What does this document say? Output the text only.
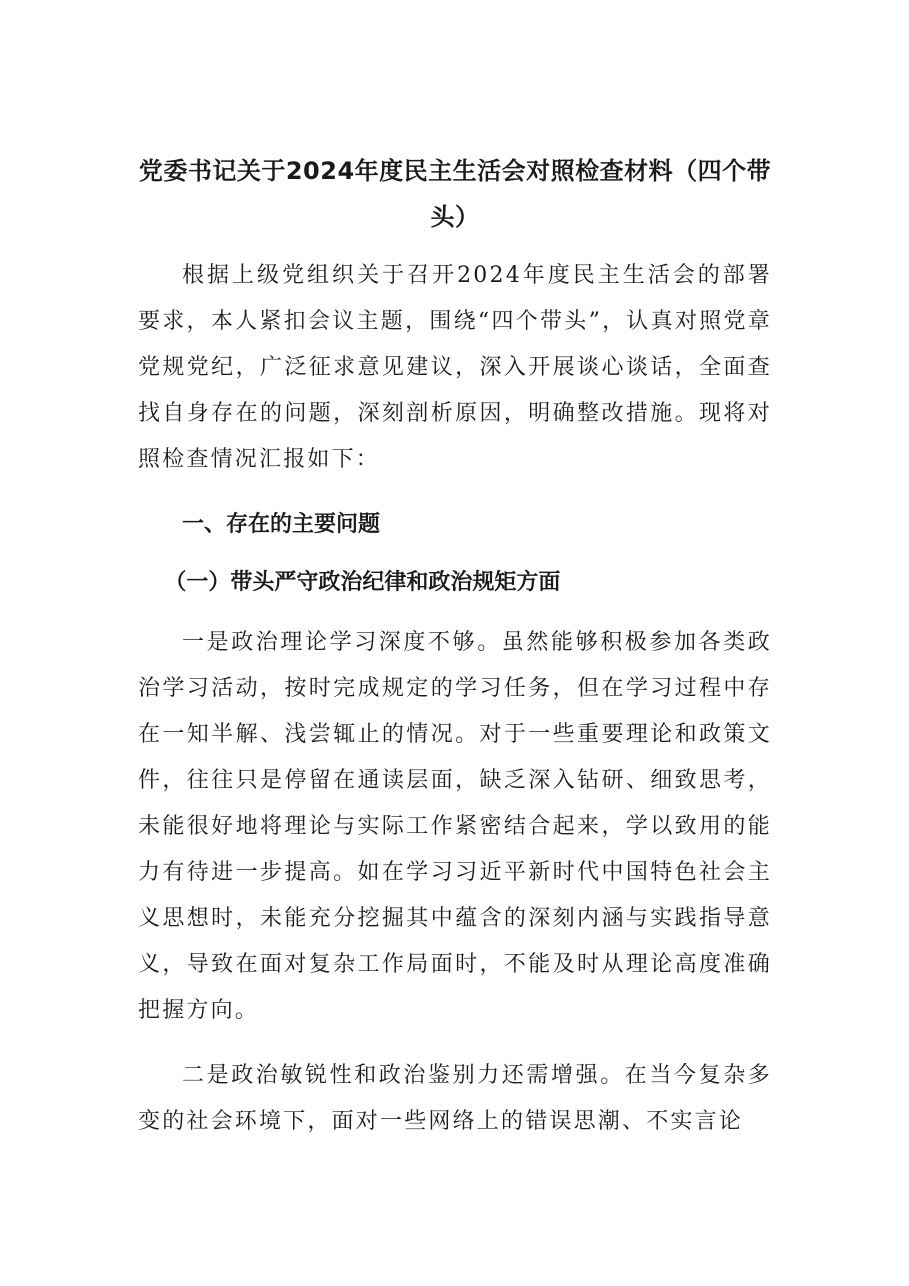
党委书记关于2024年度民主生活会对照检查材料（四个带头）

根据上级党组织关于召开2024年度民主生活会的部署要求，本人紧扣会议主题，围绕“四个带头”，认真对照党章党规党纪，广泛征求意见建议，深入开展谈心谈话，全面查找自身存在的问题，深刻剖析原因，明确整改措施。现将对照检查情况汇报如下：

一、存在的主要问题
（一）带头严守政治纪律和政治规矩方面

一是政治理论学习深度不够。虽然能够积极参加各类政治学习活动，按时完成规定的学习任务，但在学习过程中存在一知半解、浅尝辄止的情况。对于一些重要理论和政策文件，往往只是停留在通读层面，缺乏深入钻研、细致思考，未能很好地将理论与实际工作紧密结合起来，学以致用的能力有待进一步提高。如在学习习近平新时代中国特色社会主义思想时，未能充分挖掘其中蕴含的深刻内涵与实践指导意义，导致在面对复杂工作局面时，不能及时从理论高度准确把握方向。

二是政治敏锐性和政治鉴别力还需增强。在当今复杂多变的社会环境下，面对一些网络上的错误思潮、不实言论
